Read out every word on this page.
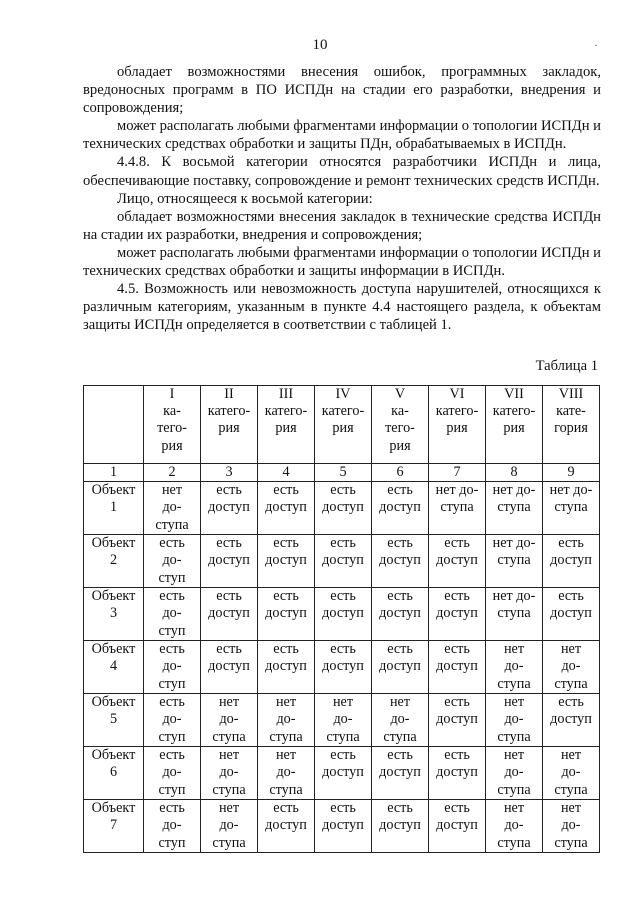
10	·

обладает возможностями внесения ошибок, программных закладок, вредоносных программ в ПО ИСПДн на стадии его разработки, внедрения и сопровождения;

может располагать любыми фрагментами информации о топологии ИСПДн и технических средствах обработки и защиты ПДн, обрабатываемых в ИСПДн.

4.4.8. К восьмой категории относятся разработчики ИСПДн и лица, обеспечивающие поставку, сопровождение и ремонт технических средств ИСПДн.

Лицо, относящееся к восьмой категории:

обладает возможностями внесения закладок в технические средства ИСПДн на стадии их разработки, внедрения и сопровождения;

может располагать любыми фрагментами информации о топологии ИСПДн и технических средствах обработки и защиты информации в ИСПДн.

4.5. Возможность или невозможность доступа нарушителей, относящихся к различным категориям, указанным в пункте 4.4 настоящего раздела, к объектам защиты ИСПДн определяется в соответствии с таблицей 1.

Таблица 1
	I
ка-
тего-
рия	II
катего-
рия	III
катего-
рия	IV
катего-
рия	V
ка-
тего-
рия	VI
катего-
рия	VII
катего-
рия	VIII
кате-
гория
1	2	3	4	5	6	7	8	9
Объект
1	нет
до-
ступа	есть
доступ	есть
доступ	есть
доступ	есть
доступ	нет до-
ступа	нет до-
ступа	нет до-
ступа
Объект
2	есть
до-
ступ	есть
доступ	есть
доступ	есть
доступ	есть
доступ	есть
доступ	нет до-
ступа	есть
доступ
Объект
3	есть
до-
ступ	есть
доступ	есть
доступ	есть
доступ	есть
доступ	есть
доступ	нет до-
ступа	есть
доступ
Объект
4	есть
до-
ступ	есть
доступ	есть
доступ	есть
доступ	есть
доступ	есть
доступ	нет
до-
ступа	нет
до-
ступа
Объект
5	есть
до-
ступ	нет
до-
ступа	нет
до-
ступа	нет
до-
ступа	нет
до-
ступа	есть
доступ	нет
до-
ступа	есть
доступ
Объект
6	есть
до-
ступ	нет
до-
ступа	нет
до-
ступа	есть
доступ	есть
доступ	есть
доступ	нет
до-
ступа	нет
до-
ступа
Объект
7	есть
до-
ступ	нет
до-
ступа	есть
доступ	есть
доступ	есть
доступ	есть
доступ	нет
до-
ступа	нет
до-
ступа
